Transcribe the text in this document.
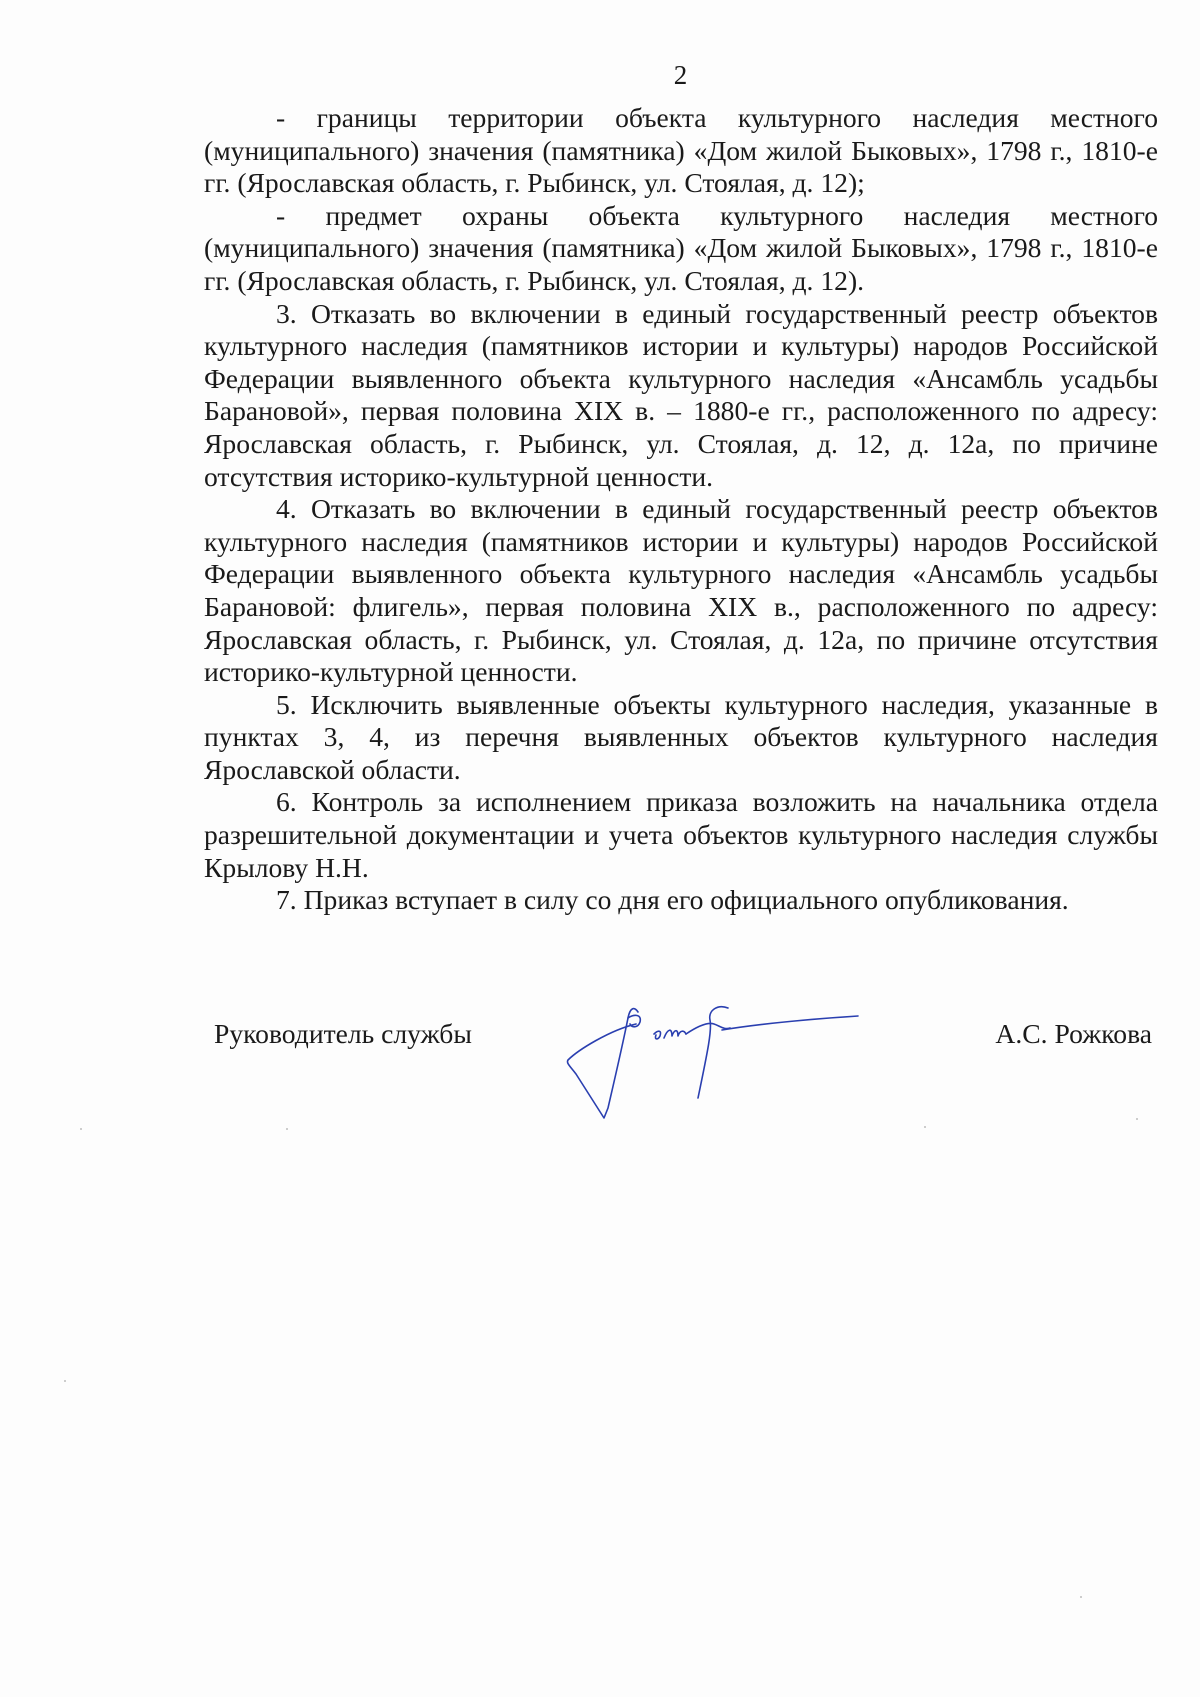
2

- границы территории объекта культурного наследия местного (муниципального) значения (памятника) «Дом жилой Быковых», 1798 г., 1810-е гг. (Ярославская область, г. Рыбинск, ул. Стоялая, д. 12);

- предмет охраны объекта культурного наследия местного (муниципального) значения (памятника) «Дом жилой Быковых», 1798 г., 1810-е гг. (Ярославская область, г. Рыбинск, ул. Стоялая, д. 12).

3. Отказать во включении в единый государственный реестр объектов культурного наследия (памятников истории и культуры) народов Российской Федерации выявленного объекта культурного наследия «Ансамбль усадьбы Барановой», первая половина XIX в. – 1880-е гг., расположенного по адресу: Ярославская область, г. Рыбинск, ул. Стоялая, д. 12, д. 12а, по причине отсутствия историко-культурной ценности.

4. Отказать во включении в единый государственный реестр объектов культурного наследия (памятников истории и культуры) народов Российской Федерации выявленного объекта культурного наследия «Ансамбль усадьбы Барановой: флигель», первая половина XIX в., расположенного по адресу: Ярославская область, г. Рыбинск, ул. Стоялая, д. 12а, по причине отсутствия историко-культурной ценности.

5. Исключить выявленные объекты культурного наследия, указанные в пунктах 3, 4, из перечня выявленных объектов культурного наследия Ярославской области.

6. Контроль за исполнением приказа возложить на начальника отдела разрешительной документации и учета объектов культурного наследия службы Крылову Н.Н.

7. Приказ вступает в силу со дня его официального опубликования.

Руководитель службы	А.С. Рожкова
